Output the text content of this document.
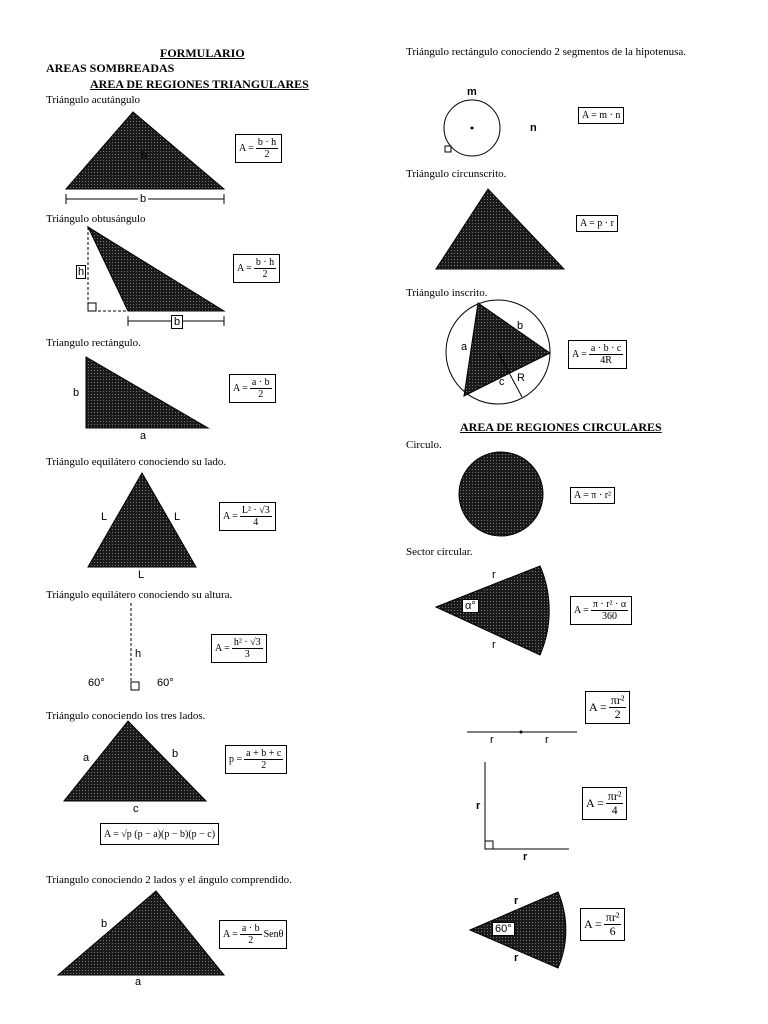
FORMULARIO
AREAS SOMBREADAS
AREA DE REGIONES TRIANGULARES
Triángulo acutángulo
h
b
$A = \frac{b \cdot h}{2}$
Triángulo obtusángulo
h
b
$A = \frac{b \cdot h}{2}$
Triangulo rectángulo.
b
a
$A = \frac{a \cdot b}{2}$
Triángulo equilátero conociendo su lado.
L	L
L
$A = \frac{\text{L² · √3}}{4}$
Triángulo equilátero conociendo su altura.
h
60°	60°
$A = \frac{\text{h² · √3}}{3}$
Triángulo conociendo los tres lados.
a	b
c
$p = \frac{a + b + c}{2}$
A = √p (p − a)(p − b)(p − c)
Triangulo conociendo 2 lados y el ángulo comprendido.
b
a
$A = \frac{a \cdot b}{2}$ Senθ
Triángulo rectángulo conociendo 2 segmentos de la hipotenusa.
m
n
A = m · n
Triángulo circunscrito.
A = p · r
Triángulo inscrito.
a
b
c R
$A = \frac{a \cdot b \cdot c}{4R}$
AREA DE REGIONES CIRCULARES
Circulo.
A = π · r²
Sector circular.
r
r
α°	$A = \frac{\text{π · r² · α}}{360}$
r	r
$A = \frac{\text{πr²}}{2}$
r
r
$A = \frac{\text{πr²}}{4}$
r
r
60°	$A = \frac{\text{πr²}}{6}$
